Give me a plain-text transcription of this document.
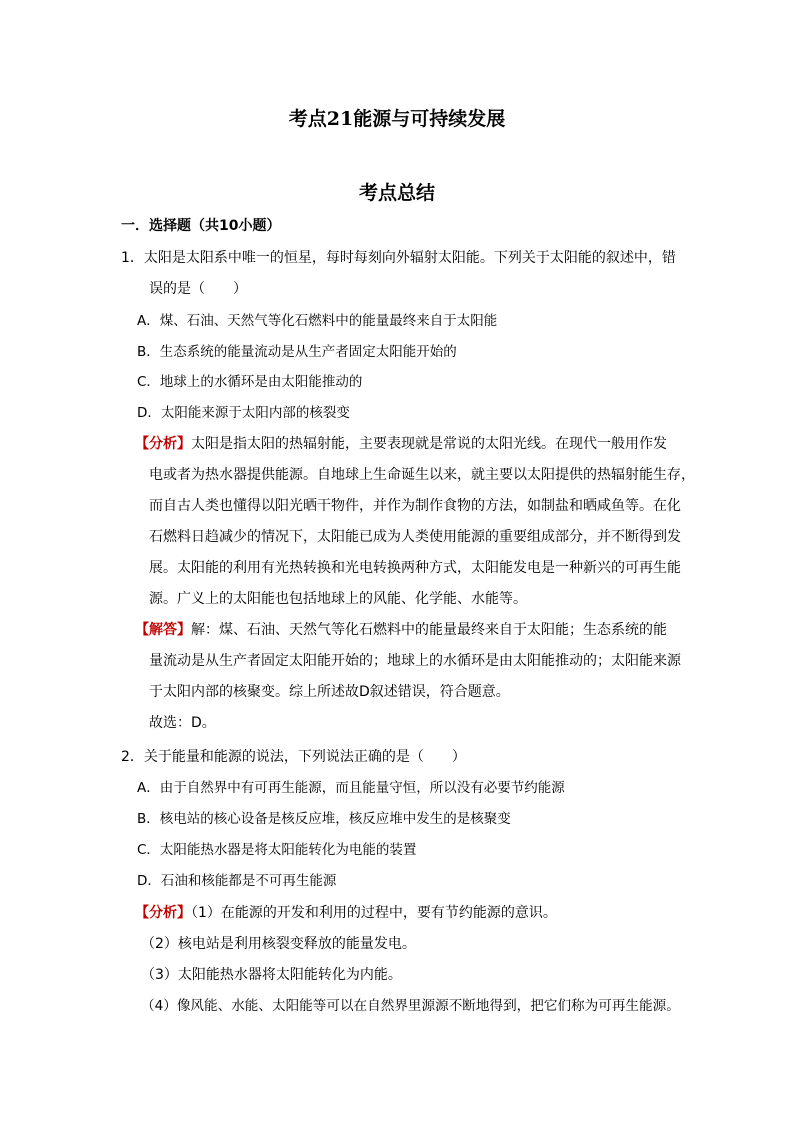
考点21能源与可持续发展
考点总结
一．选择题（共10小题）
1．太阳是太阳系中唯一的恒星，每时每刻向外辐射太阳能。下列关于太阳能的叙述中，错
误的是（　　）
A．煤、石油、天然气等化石燃料中的能量最终来自于太阳能
B．生态系统的能量流动是从生产者固定太阳能开始的
C．地球上的水循环是由太阳能推动的
D．太阳能来源于太阳内部的核裂变
【分析】太阳是指太阳的热辐射能，主要表现就是常说的太阳光线。在现代一般用作发
电或者为热水器提供能源。自地球上生命诞生以来，就主要以太阳提供的热辐射能生存，
而自古人类也懂得以阳光晒干物件，并作为制作食物的方法，如制盐和晒咸鱼等。在化
石燃料日趋减少的情况下，太阳能已成为人类使用能源的重要组成部分，并不断得到发
展。太阳能的利用有光热转换和光电转换两种方式，太阳能发电是一种新兴的可再生能
源。广义上的太阳能也包括地球上的风能、化学能、水能等。
【解答】解：煤、石油、天然气等化石燃料中的能量最终来自于太阳能；生态系统的能
量流动是从生产者固定太阳能开始的；地球上的水循环是由太阳能推动的；太阳能来源
于太阳内部的核聚变。综上所述故D叙述错误，符合题意。
故选：D。
2．关于能量和能源的说法，下列说法正确的是（　　）
A．由于自然界中有可再生能源，而且能量守恒，所以没有必要节约能源
B．核电站的核心设备是核反应堆，核反应堆中发生的是核聚变
C．太阳能热水器是将太阳能转化为电能的装置
D．石油和核能都是不可再生能源
【分析】（1）在能源的开发和利用的过程中，要有节约能源的意识。
（2）核电站是利用核裂变释放的能量发电。
（3）太阳能热水器将太阳能转化为内能。
（4）像风能、水能、太阳能等可以在自然界里源源不断地得到，把它们称为可再生能源。
